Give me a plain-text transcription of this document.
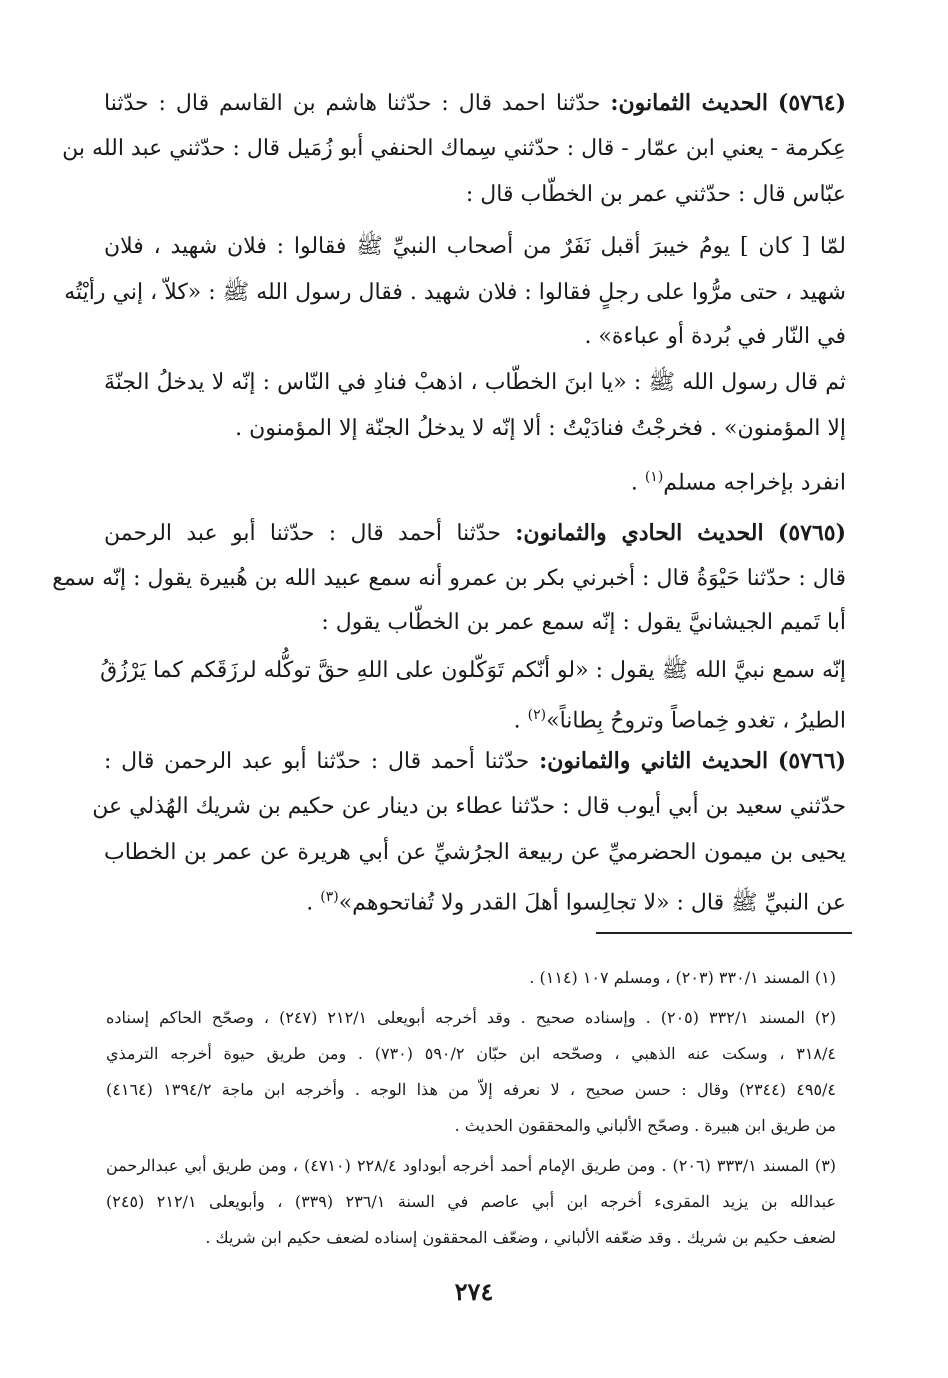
(٥٧٦٤) الحديث الثمانون: حدّثنا احمد قال : حدّثنا هاشم بن القاسم قال : حدّثنا
عِكرمة - يعني ابن عمّار - قال : حدّثني سِماك الحنفي أبو زُمَيل قال : حدّثني عبد الله بن
عبّاس قال : حدّثني عمر بن الخطّاب قال :
لمّا [ كان ] يومُ خيبرَ أقبل نَفَرٌ من أصحاب النبيِّ ﷺ فقالوا : فلان شهيد ، فلان
شهيد ، حتى مرُّوا على رجلٍ فقالوا : فلان شهيد . فقال رسول الله ﷺ : «كلاّ ، إني رأيْتُه
في النّار في بُردة أو عباءة» .
ثم قال رسول الله ﷺ : «يا ابنَ الخطّاب ، اذهبْ فنادِ في النّاس : إنّه لا يدخلُ الجنّةَ
إلا المؤمنون» . فخرجْتُ فنادَيْتُ : ألا إنّه لا يدخلُ الجنّة إلا المؤمنون .
انفرد بإخراجه مسلم$^{(١)}$ .
(٥٧٦٥) الحديث الحادي والثمانون: حدّثنا أحمد قال : حدّثنا أبو عبد الرحمن
قال : حدّثنا حَيْوَةُ قال : أخبرني بكر بن عمرو أنه سمع عبيد الله بن هُبيرة يقول : إنّه سمع
أبا تَميم الجيشانيَّ يقول : إنّه سمع عمر بن الخطّاب يقول :
إنّه سمع نبيَّ الله ﷺ يقول : «لو أنّكم تَوَكّلون على اللهِ حقَّ توكُّله لرزَقَكم كما يَرْزُقُ
الطيرُ ، تغدو خِماصاً وتروحُ بِطاناً»$^{(٢)}$ .
(٥٧٦٦) الحديث الثاني والثمانون: حدّثنا أحمد قال : حدّثنا أبو عبد الرحمن قال :
حدّثني سعيد بن أبي أيوب قال : حدّثنا عطاء بن دينار عن حكيم بن شريك الهُذلي عن
يحيى بن ميمون الحضرميِّ عن ربيعة الجرُشيِّ عن أبي هريرة عن عمر بن الخطاب
عن النبيِّ ﷺ قال : «لا تجالِسوا أهلَ القدر ولا تُفاتحوهم»$^{(٣)}$ .
(١) المسند ٣٣٠/١ (٢٠٣) ، ومسلم ١٠٧ (١١٤) .
(٢) المسند ٣٣٢/١ (٢٠٥) . وإسناده صحيح . وقد أخرجه أبويعلى ٢١٢/١ (٢٤٧) ، وصحّح الحاكم إسناده
٣١٨/٤ ، وسكت عنه الذهبي ، وصحّحه ابن حبّان ٥٩٠/٢ (٧٣٠) . ومن طريق حيوة أخرجه الترمذي
٤٩٥/٤ (٢٣٤٤) وقال : حسن صحيح ، لا نعرفه إلاّ من هذا الوجه . وأخرجه ابن ماجة ١٣٩٤/٢ (٤١٦٤)
من طريق ابن هبيرة . وصحّح الألباني والمحققون الحديث .
(٣) المسند ٣٣٣/١ (٢٠٦) . ومن طريق الإمام أحمد أخرجه أبوداود ٢٢٨/٤ (٤٧١٠) ، ومن طريق أبي عبدالرحمن
عبدالله بن يزيد المقرىء أخرجه ابن أبي عاصم في السنة ٢٣٦/١ (٣٣٩) ، وأبويعلى ٢١٢/١ (٢٤٥)
لضعف حكيم بن شريك . وقد ضعّفه الألباني ، وضعّف المحققون إسناده لضعف حكيم ابن شريك .
٢٧٤
